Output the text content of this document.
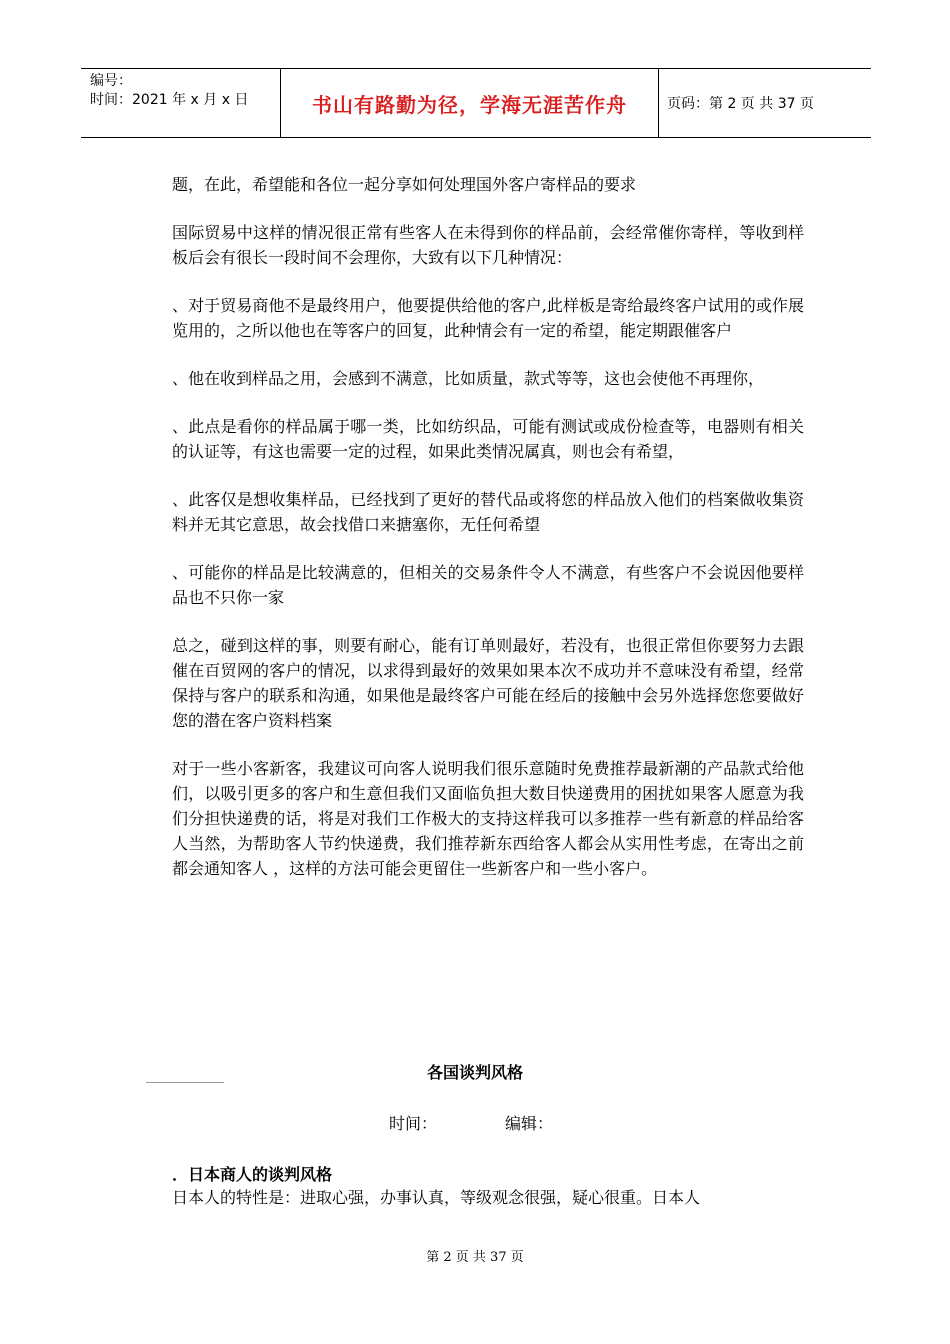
编号：
时间：2021 年 x 月 x 日	书山有路勤为径，学海无涯苦作舟	页码：第 2 页 共 37 页

题，在此，希望能和各位一起分享如何处理国外客户寄样品的要求

国际贸易中这样的情况很正常有些客人在未得到你的样品前，会经常催你寄样，等收到样板后会有很长一段时间不会理你，大致有以下几种情况：

、对于贸易商他不是最终用户，他要提供给他的客户,此样板是寄给最终客户试用的或作展览用的，之所以他也在等客户的回复，此种情会有一定的希望，能定期跟催客户

、他在收到样品之用，会感到不满意，比如质量，款式等等，这也会使他不再理你，

、此点是看你的样品属于哪一类，比如纺织品，可能有测试或成份检查等，电器则有相关的认证等，有这也需要一定的过程，如果此类情况属真，则也会有希望，

、此客仅是想收集样品，已经找到了更好的替代品或将您的样品放入他们的档案做收集资料并无其它意思，故会找借口来搪塞你，无任何希望

、可能你的样品是比较满意的，但相关的交易条件令人不满意，有些客户不会说因他要样品也不只你一家

总之，碰到这样的事，则要有耐心，能有订单则最好，若没有，也很正常但你要努力去跟催在百贸网的客户的情况，以求得到最好的效果如果本次不成功并不意味没有希望，经常保持与客户的联系和沟通，如果他是最终客户可能在经后的接触中会另外选择您您要做好您的潜在客户资料档案

对于一些小客新客，我建议可向客人说明我们很乐意随时免费推荐最新潮的产品款式给他们，以吸引更多的客户和生意但我们又面临负担大数目快递费用的困扰如果客人愿意为我们分担快递费的话，将是对我们工作极大的支持这样我可以多推荐一些有新意的样品给客人当然，为帮助客人节约快递费，我们推荐新东西给客人都会从实用性考虑，在寄出之前都会通知客人 ，这样的方法可能会更留住一些新客户和一些小客户。

各国谈判风格
时间：	编辑：
．日本商人的谈判风格
日本人的特性是：进取心强，办事认真，等级观念很强，疑心很重。日本人
第 2 页 共 37 页
